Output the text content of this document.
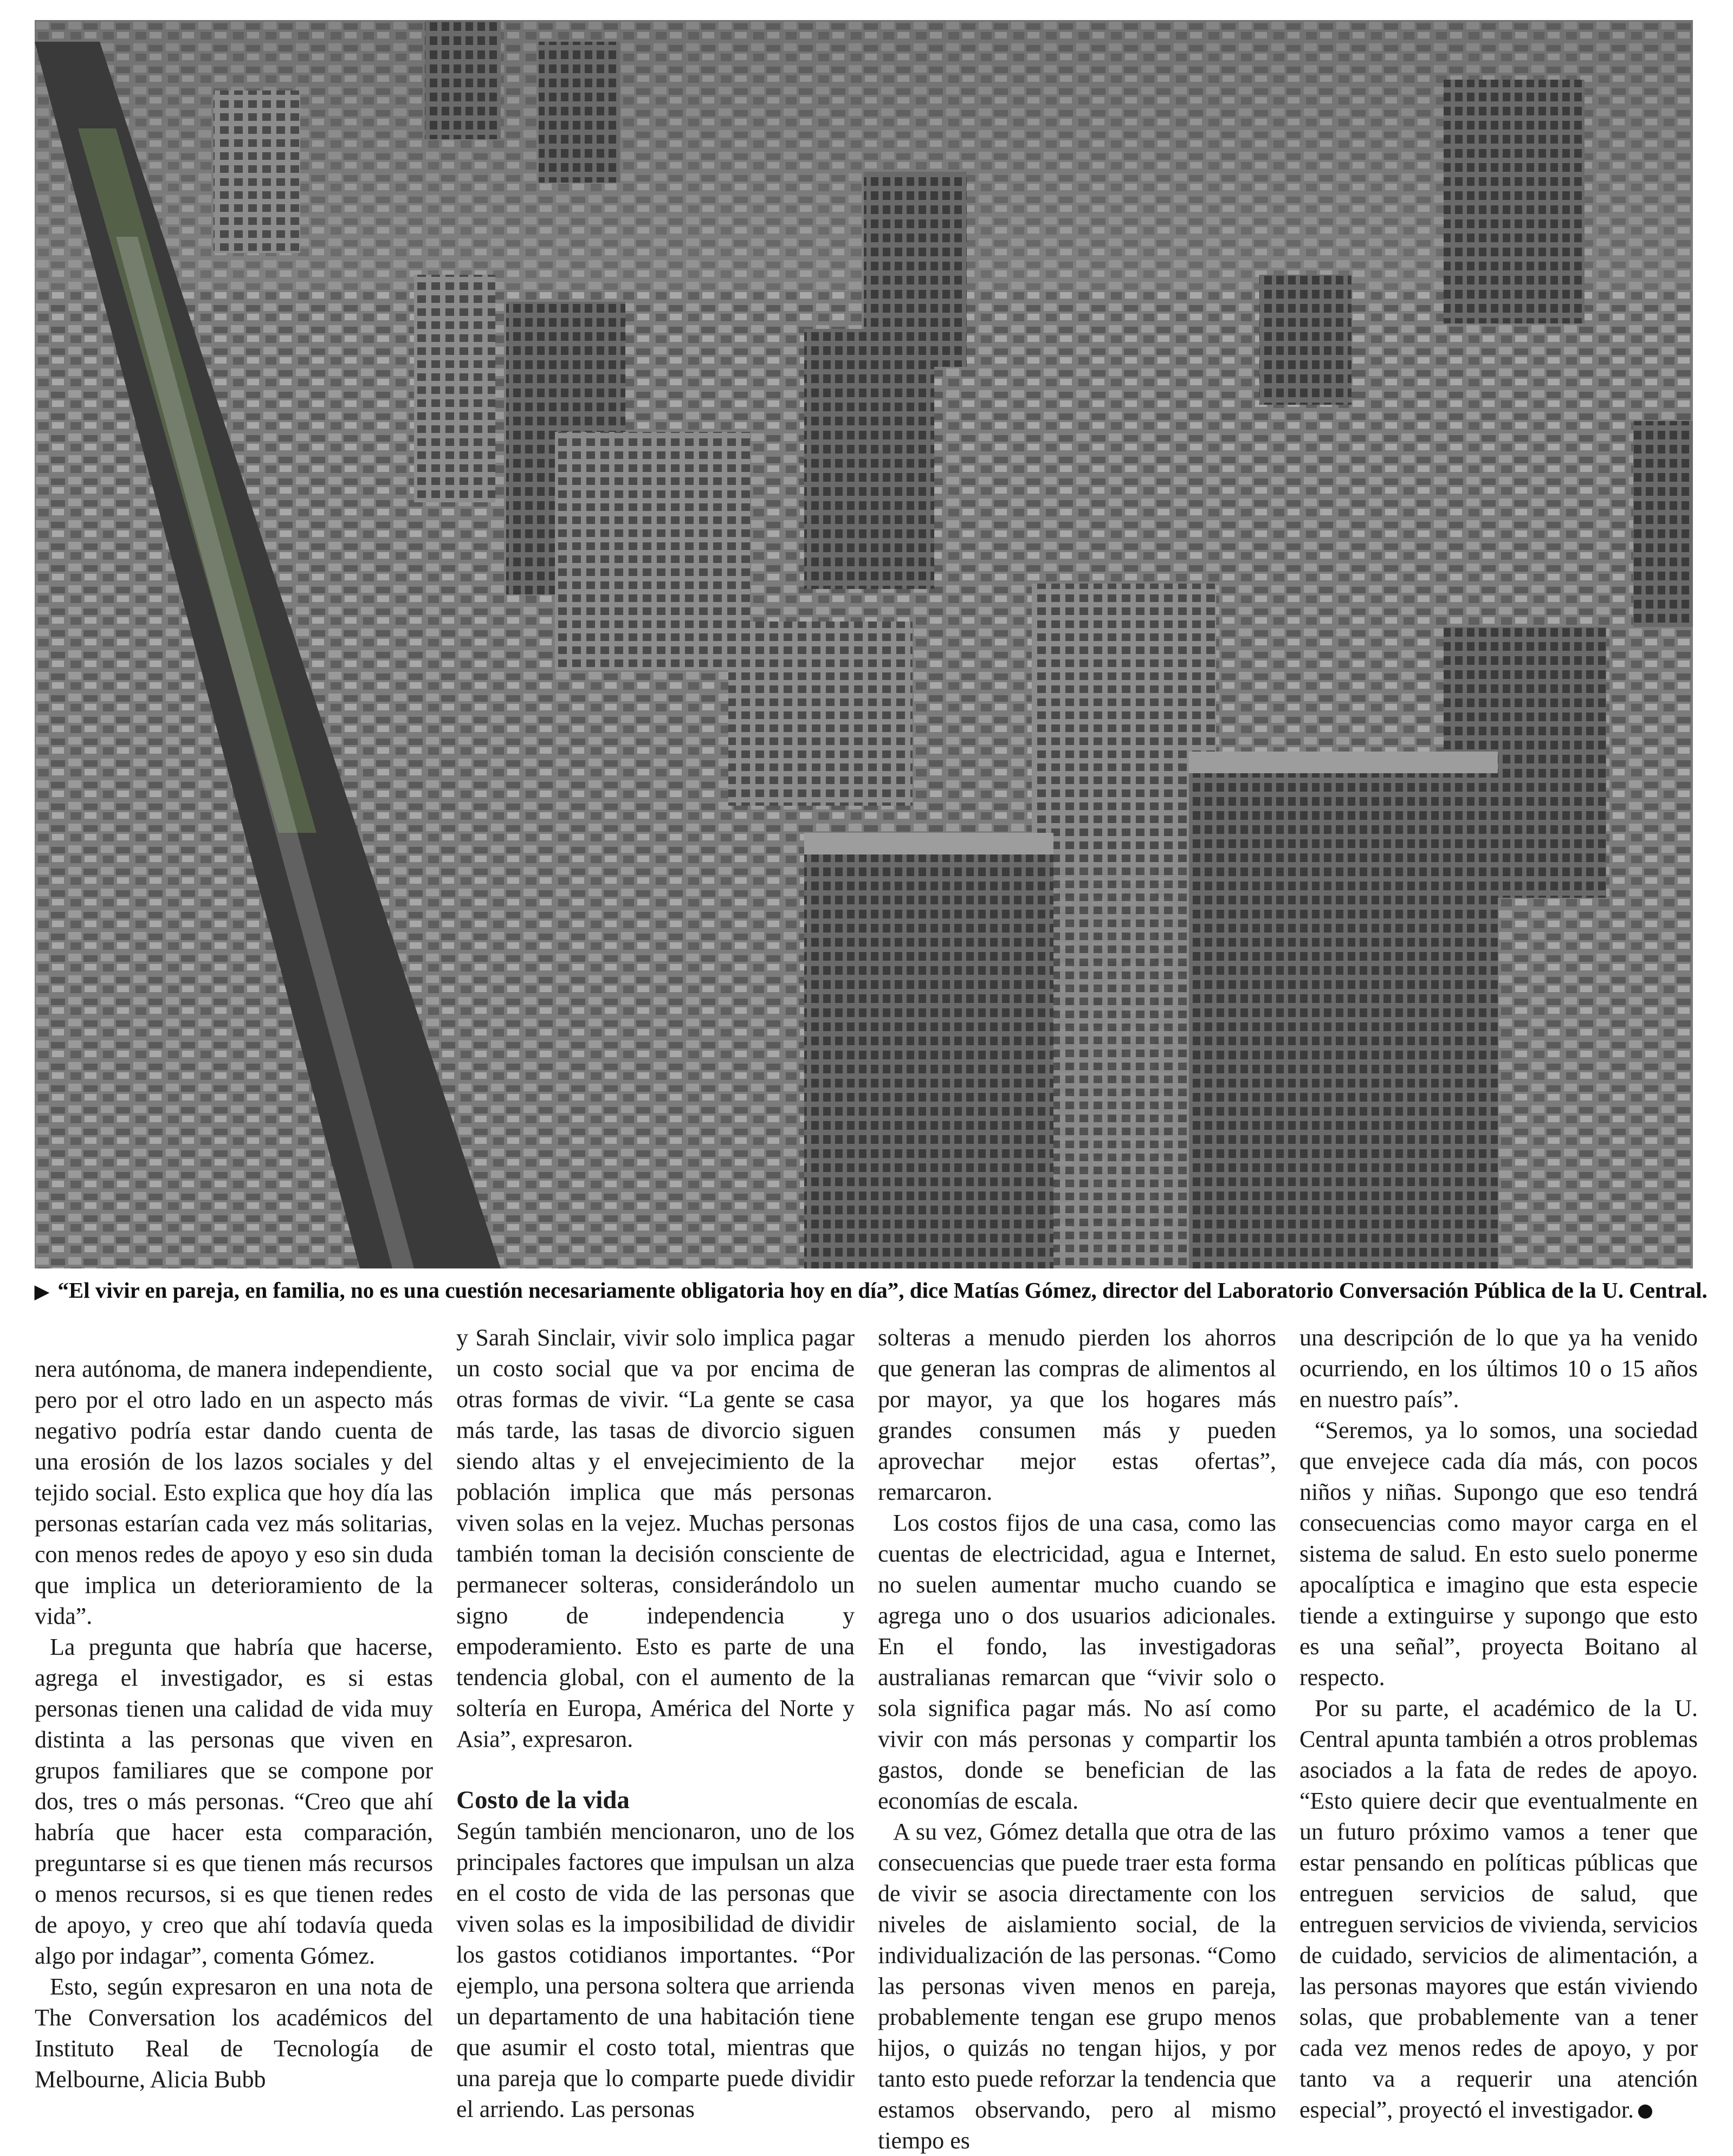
▶ “El vivir en pareja, en familia, no es una cuestión necesariamente obligatoria hoy en día”, dice Matías Gómez, director del Laboratorio Conversación Pública de la U. Central.

nera autónoma, de manera independiente, pero por el otro lado en un aspecto más negativo podría estar dando cuenta de una erosión de los lazos sociales y del tejido social. Esto explica que hoy día las personas estarían cada vez más solitarias, con menos redes de apoyo y eso sin duda que implica un deterioramiento de la vida”.

La pregunta que habría que hacerse, agrega el investigador, es si estas personas tienen una calidad de vida muy distinta a las personas que viven en grupos familiares que se compone por dos, tres o más personas. “Creo que ahí habría que hacer esta comparación, preguntarse si es que tienen más recursos o menos recursos, si es que tienen redes de apoyo, y creo que ahí todavía queda algo por indagar”, comenta Gómez.

Esto, según expresaron en una nota de The Conversation los académicos del Instituto Real de Tecnología de Melbourne, Alicia Bubb

y Sarah Sinclair, vivir solo implica pagar un costo social que va por encima de otras formas de vivir. “La gente se casa más tarde, las tasas de divorcio siguen siendo altas y el envejecimiento de la población implica que más personas viven solas en la vejez. Muchas personas también toman la decisión consciente de permanecer solteras, considerándolo un signo de independencia y empoderamiento. Esto es parte de una tendencia global, con el aumento de la soltería en Europa, América del Norte y Asia”, expresaron.

Costo de la vida

Según también mencionaron, uno de los principales factores que impulsan un alza en el costo de vida de las personas que viven solas es la imposibilidad de dividir los gastos cotidianos importantes. “Por ejemplo, una persona soltera que arrienda un departamento de una habitación tiene que asumir el costo total, mientras que una pareja que lo comparte puede dividir el arriendo. Las personas

solteras a menudo pierden los ahorros que generan las compras de alimentos al por mayor, ya que los hogares más grandes consumen más y pueden aprovechar mejor estas ofertas”, remarcaron.

Los costos fijos de una casa, como las cuentas de electricidad, agua e Internet, no suelen aumentar mucho cuando se agrega uno o dos usuarios adicionales. En el fondo, las investigadoras australianas remarcan que “vivir solo o sola significa pagar más. No así como vivir con más personas y compartir los gastos, donde se benefician de las economías de escala.

A su vez, Gómez detalla que otra de las consecuencias que puede traer esta forma de vivir se asocia directamente con los niveles de aislamiento social, de la individualización de las personas. “Como las personas viven menos en pareja, probablemente tengan ese grupo menos hijos, o quizás no tengan hijos, y por tanto esto puede reforzar la tendencia que estamos observando, pero al mismo tiempo es

una descripción de lo que ya ha venido ocurriendo, en los últimos 10 o 15 años en nuestro país”.

“Seremos, ya lo somos, una sociedad que envejece cada día más, con pocos niños y niñas. Supongo que eso tendrá consecuencias como mayor carga en el sistema de salud. En esto suelo ponerme apocalíptica e imagino que esta especie tiende a extinguirse y supongo que esto es una señal”, proyecta Boitano al respecto.

Por su parte, el académico de la U. Central apunta también a otros problemas asociados a la fata de redes de apoyo. “Esto quiere decir que eventualmente en un futuro próximo vamos a tener que estar pensando en políticas públicas que entreguen servicios de salud, que entreguen servicios de vivienda, servicios de cuidado, servicios de alimentación, a las personas mayores que están viviendo solas, que probablemente van a tener cada vez menos redes de apoyo, y por tanto va a requerir una atención especial”, proyectó el investigador.
